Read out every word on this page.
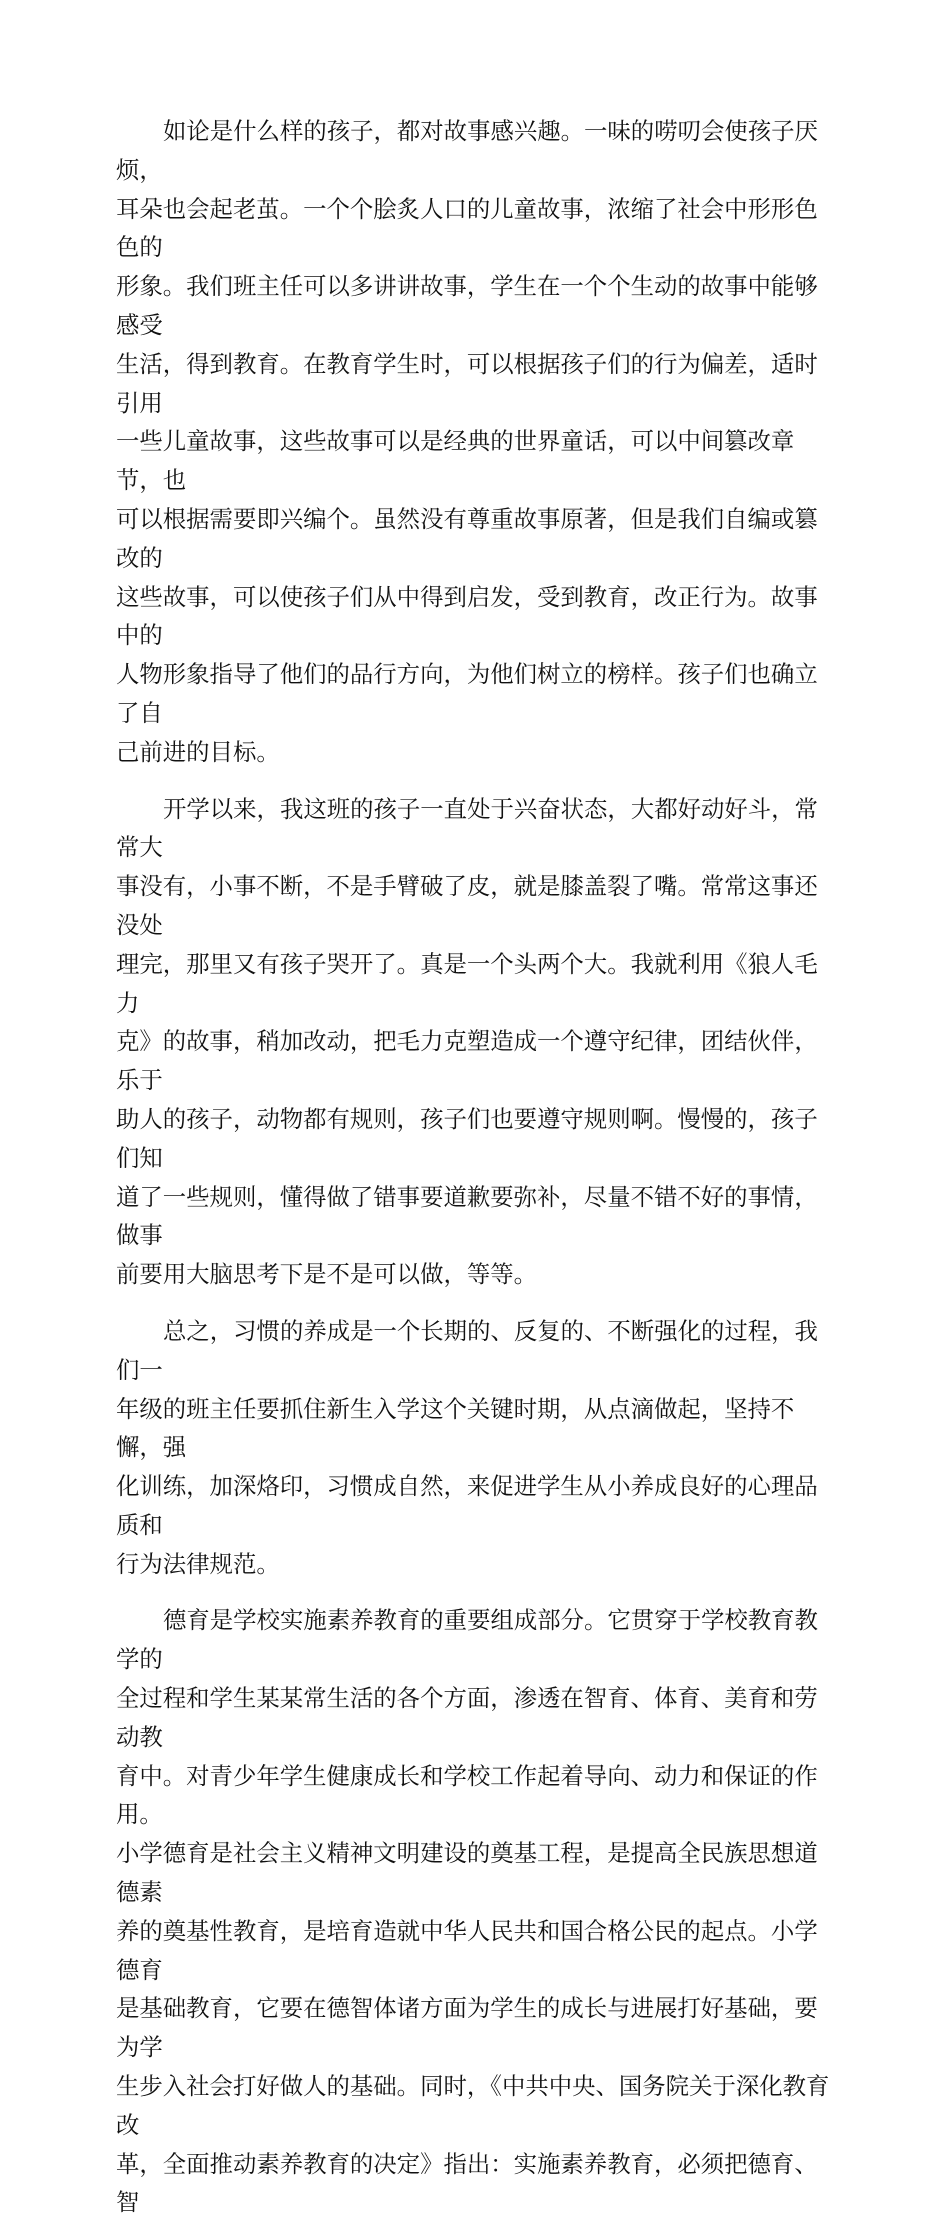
如论是什么样的孩子，都对故事感兴趣。一味的唠叨会使孩子厌烦，
耳朵也会起老茧。一个个脍炙人口的儿童故事，浓缩了社会中形形色色的
形象。我们班主任可以多讲讲故事，学生在一个个生动的故事中能够感受
生活，得到教育。在教育学生时，可以根据孩子们的行为偏差，适时引用
一些儿童故事，这些故事可以是经典的世界童话，可以中间篡改章节，也
可以根据需要即兴编个。虽然没有尊重故事原著，但是我们自编或篡改的
这些故事，可以使孩子们从中得到启发，受到教育，改正行为。故事中的
人物形象指导了他们的品行方向，为他们树立的榜样。孩子们也确立了自
己前进的目标。

开学以来，我这班的孩子一直处于兴奋状态，大都好动好斗，常常大
事没有，小事不断，不是手臂破了皮，就是膝盖裂了嘴。常常这事还没处
理完，那里又有孩子哭开了。真是一个头两个大。我就利用《狼人毛力
克》的故事，稍加改动，把毛力克塑造成一个遵守纪律，团结伙伴，乐于
助人的孩子，动物都有规则，孩子们也要遵守规则啊。慢慢的，孩子们知
道了一些规则，懂得做了错事要道歉要弥补，尽量不错不好的事情，做事
前要用大脑思考下是不是可以做，等等。

总之，习惯的养成是一个长期的、反复的、不断强化的过程，我们一
年级的班主任要抓住新生入学这个关键时期，从点滴做起，坚持不懈，强
化训练，加深烙印，习惯成自然，来促进学生从小养成良好的心理品质和
行为法律规范。

德育是学校实施素养教育的重要组成部分。它贯穿于学校教育教学的
全过程和学生某某常生活的各个方面，渗透在智育、体育、美育和劳动教
育中。对青少年学生健康成长和学校工作起着导向、动力和保证的作用。
小学德育是社会主义精神文明建设的奠基工程，是提高全民族思想道德素
养的奠基性教育，是培育造就中华人民共和国合格公民的起点。小学德育
是基础教育，它要在德智体诸方面为学生的成长与进展打好基础，要为学
生步入社会打好做人的基础。同时，《中共中央、国务院关于深化教育改
革，全面推动素养教育的决定》指出：实施素养教育，必须把德育、智
